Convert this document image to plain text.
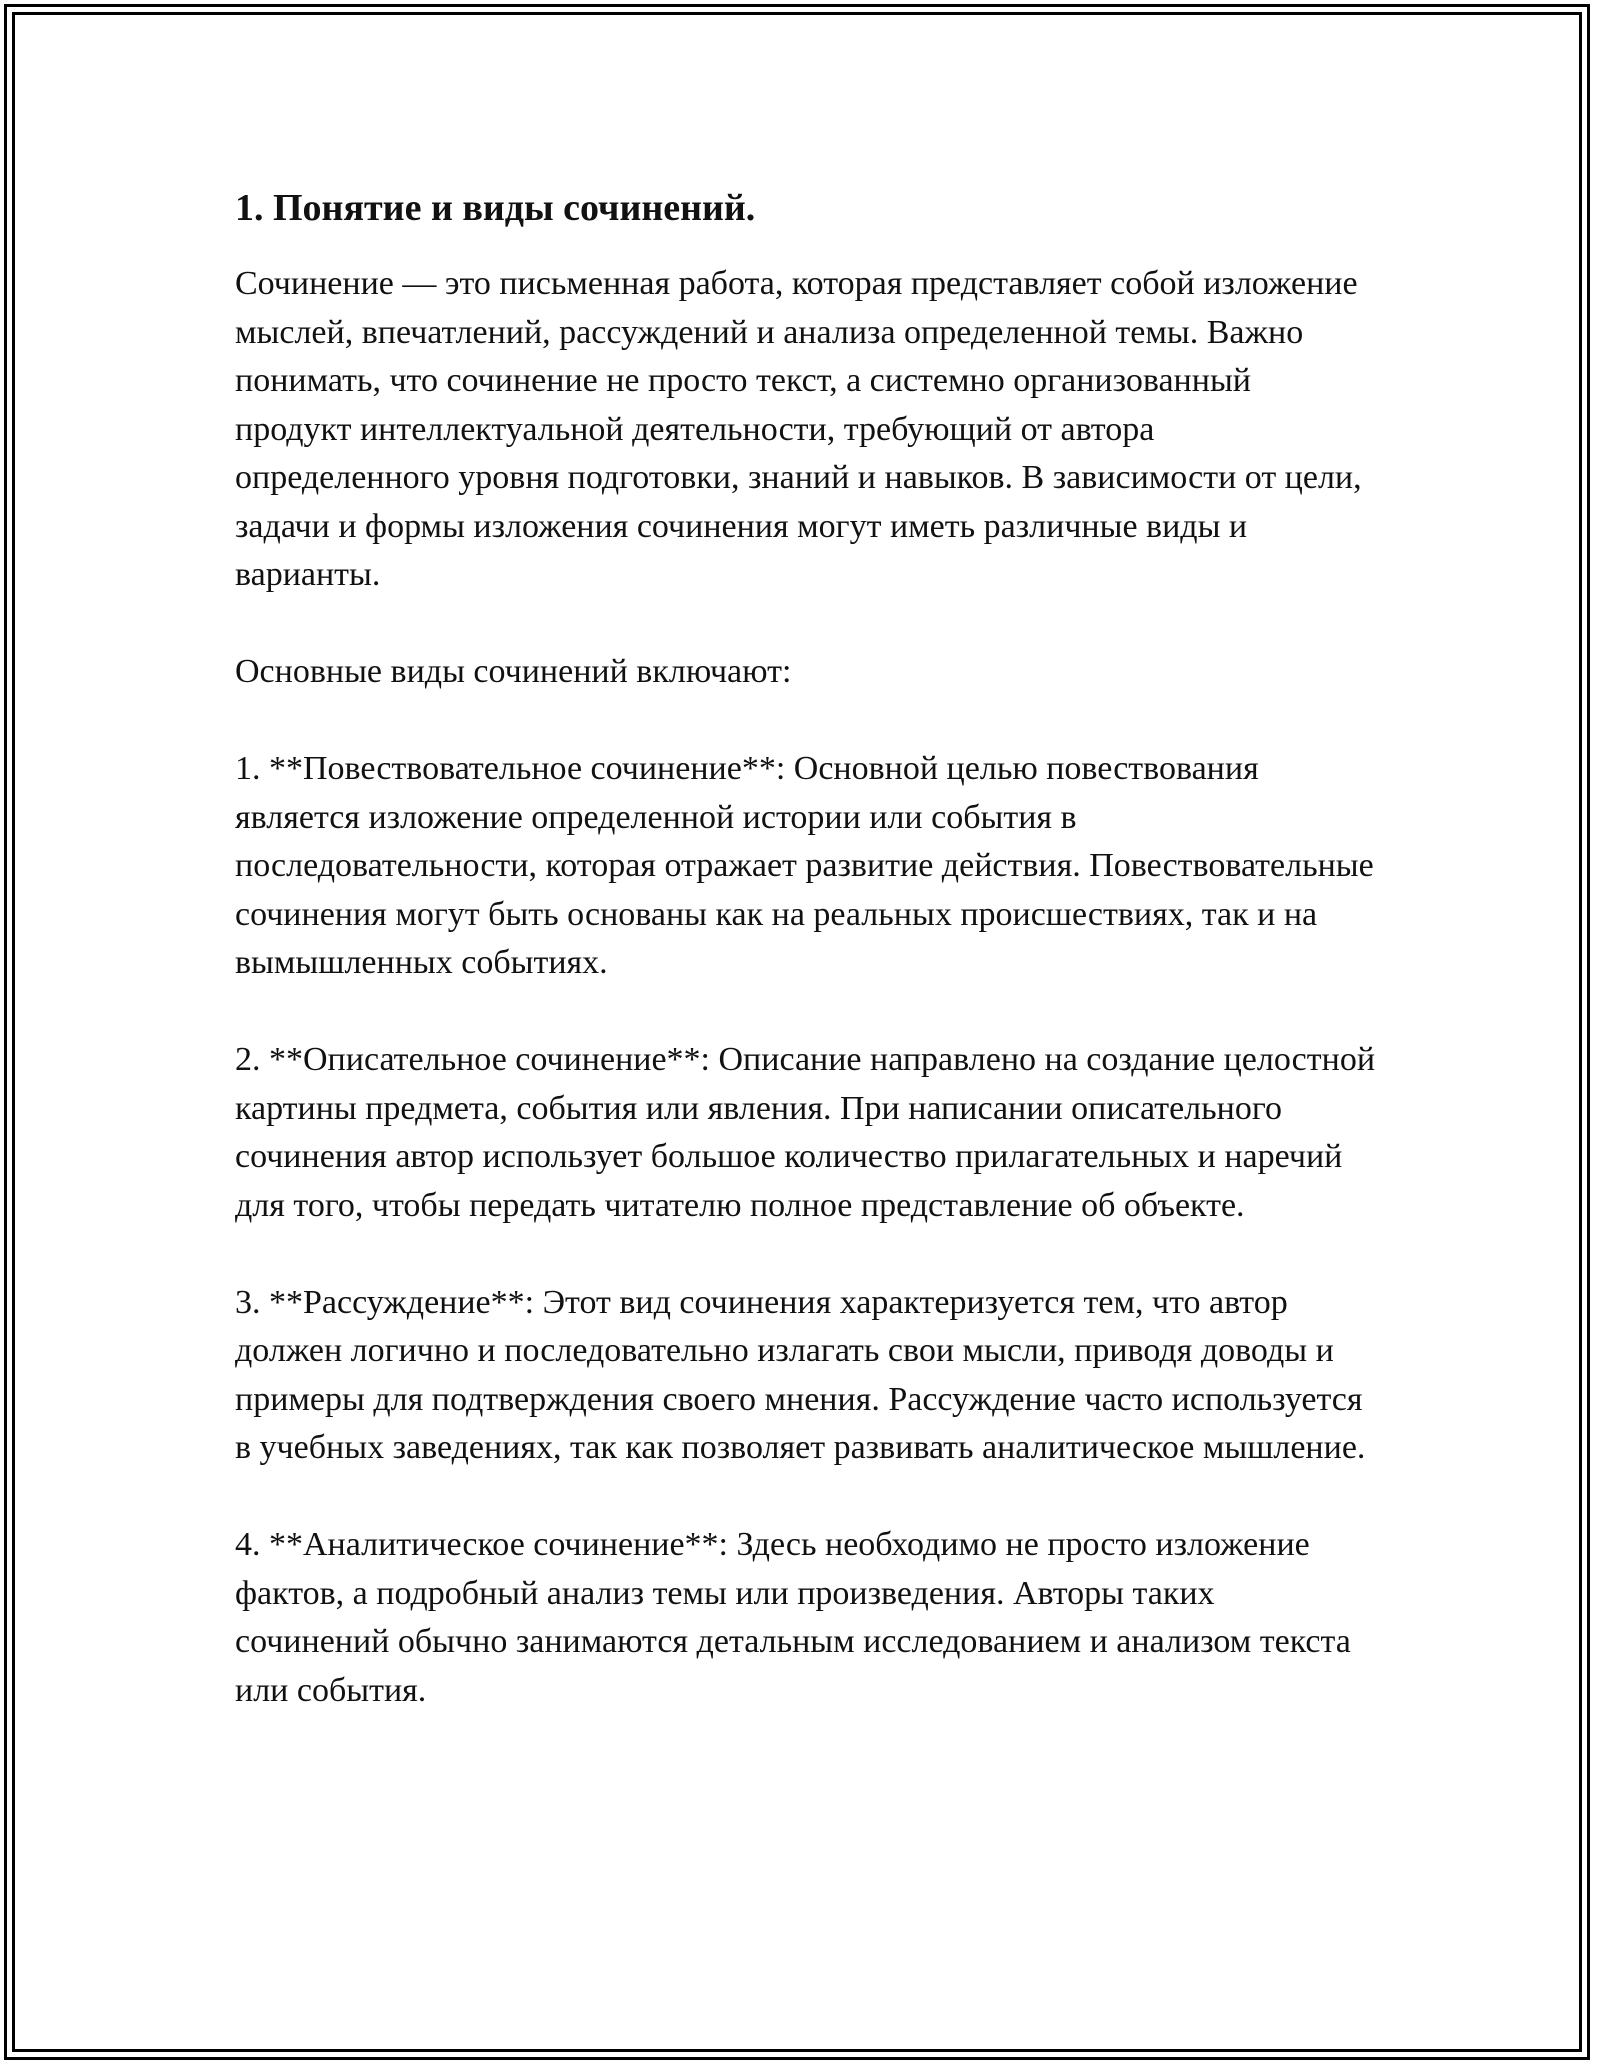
1. Понятие и виды сочинений.

Сочинение — это письменная работа, которая представляет собой изложение мыслей, впечатлений, рассуждений и анализа определенной темы. Важно понимать, что сочинение не просто текст, а системно организованный продукт интеллектуальной деятельности, требующий от автора определенного уровня подготовки, знаний и навыков. В зависимости от цели, задачи и формы изложения сочинения могут иметь различные виды и варианты.

Основные виды сочинений включают:

1. **Повествовательное сочинение**: Основной целью повествования является изложение определенной истории или события в последовательности, которая отражает развитие действия. Повествовательные сочинения могут быть основаны как на реальных происшествиях, так и на вымышленных событиях.

2. **Описательное сочинение**: Описание направлено на создание целостной картины предмета, события или явления. При написании описательного сочинения автор использует большое количество прилагательных и наречий для того, чтобы передать читателю полное представление об объекте.

3. **Рассуждение**: Этот вид сочинения характеризуется тем, что автор должен логично и последовательно излагать свои мысли, приводя доводы и примеры для подтверждения своего мнения. Рассуждение часто используется в учебных заведениях, так как позволяет развивать аналитическое мышление.

4. **Аналитическое сочинение**: Здесь необходимо не просто изложение фактов, а подробный анализ темы или произведения. Авторы таких сочинений обычно занимаются детальным исследованием и анализом текста или события.
